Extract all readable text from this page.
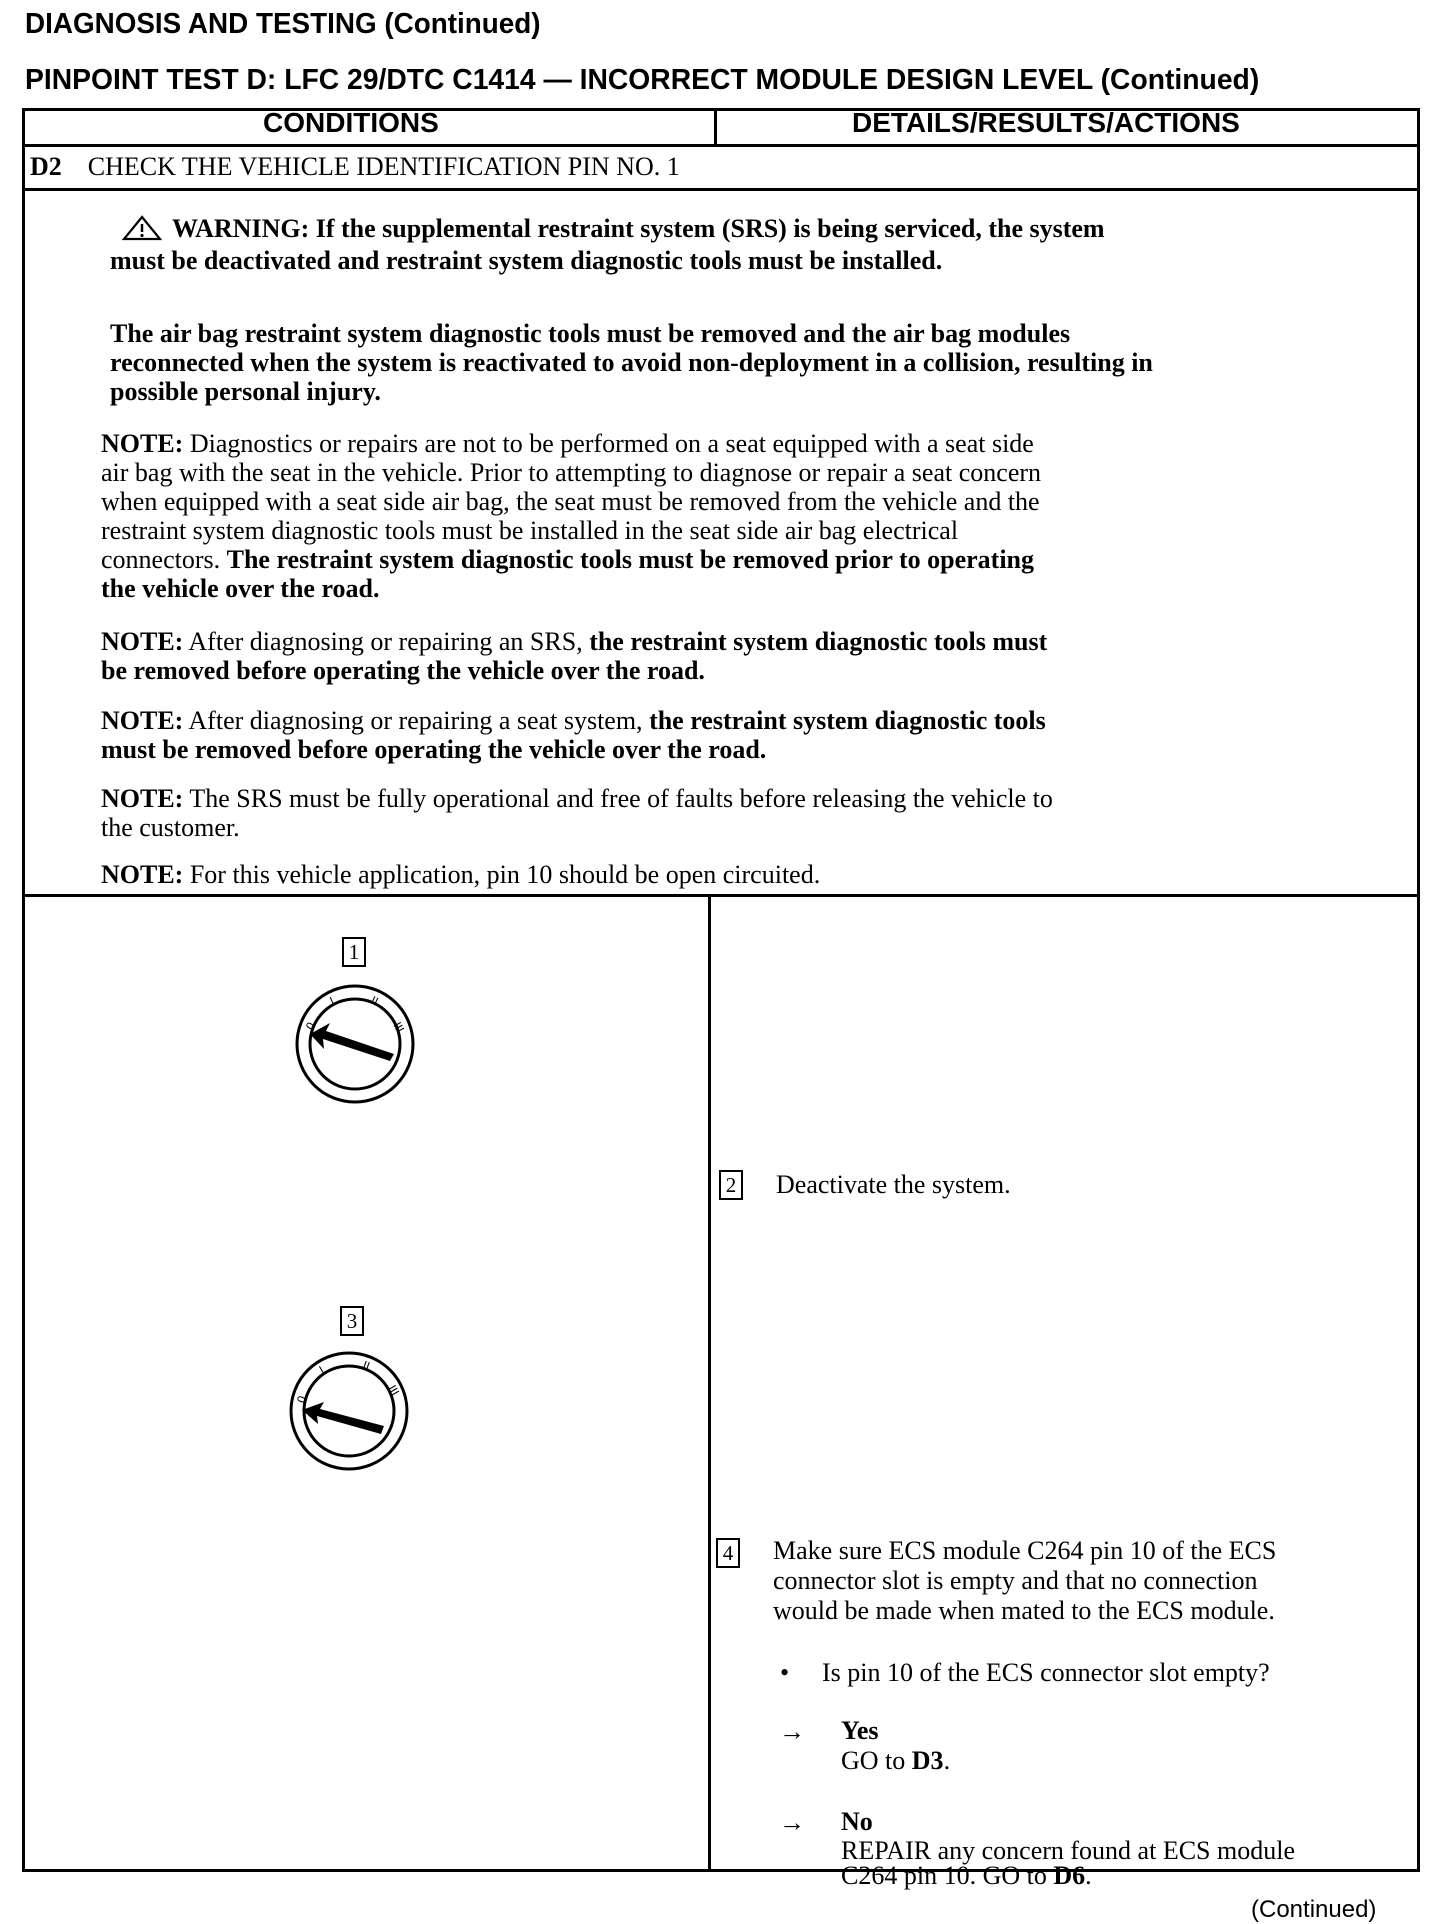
DIAGNOSIS AND TESTING (Continued)
PINPOINT TEST D: LFC 29/DTC C1414 — INCORRECT MODULE DESIGN LEVEL (Continued)
CONDITIONS	DETAILS/RESULTS/ACTIONS
D2 CHECK THE VEHICLE IDENTIFICATION PIN NO. 1
WARNING: If the supplemental restraint system (SRS) is being serviced, the system
must be deactivated and restraint system diagnostic tools must be installed.
The air bag restraint system diagnostic tools must be removed and the air bag modules
reconnected when the system is reactivated to avoid non-deployment in a collision, resulting in
possible personal injury.
NOTE: Diagnostics or repairs are not to be performed on a seat equipped with a seat side
air bag with the seat in the vehicle. Prior to attempting to diagnose or repair a seat concern
when equipped with a seat side air bag, the seat must be removed from the vehicle and the
restraint system diagnostic tools must be installed in the seat side air bag electrical
connectors. The restraint system diagnostic tools must be removed prior to operating
the vehicle over the road.
NOTE: After diagnosing or repairing an SRS, the restraint system diagnostic tools must
be removed before operating the vehicle over the road.
NOTE: After diagnosing or repairing a seat system, the restraint system diagnostic tools
must be removed before operating the vehicle over the road.
NOTE: The SRS must be fully operational and free of faults before releasing the vehicle to
the customer.
NOTE: For this vehicle application, pin 10 should be open circuited.
1
0
I	II
III
3
0
I	II
III
2 Deactivate the system.
4 Make sure ECS module C264 pin 10 of the ECS
connector slot is empty and that no connection
would be made when mated to the ECS module.
• Is pin 10 of the ECS connector slot empty?
→ Yes
GO to D3.
→ No
REPAIR any concern found at ECS module
C264 pin 10. GO to D6.
(Continued)
